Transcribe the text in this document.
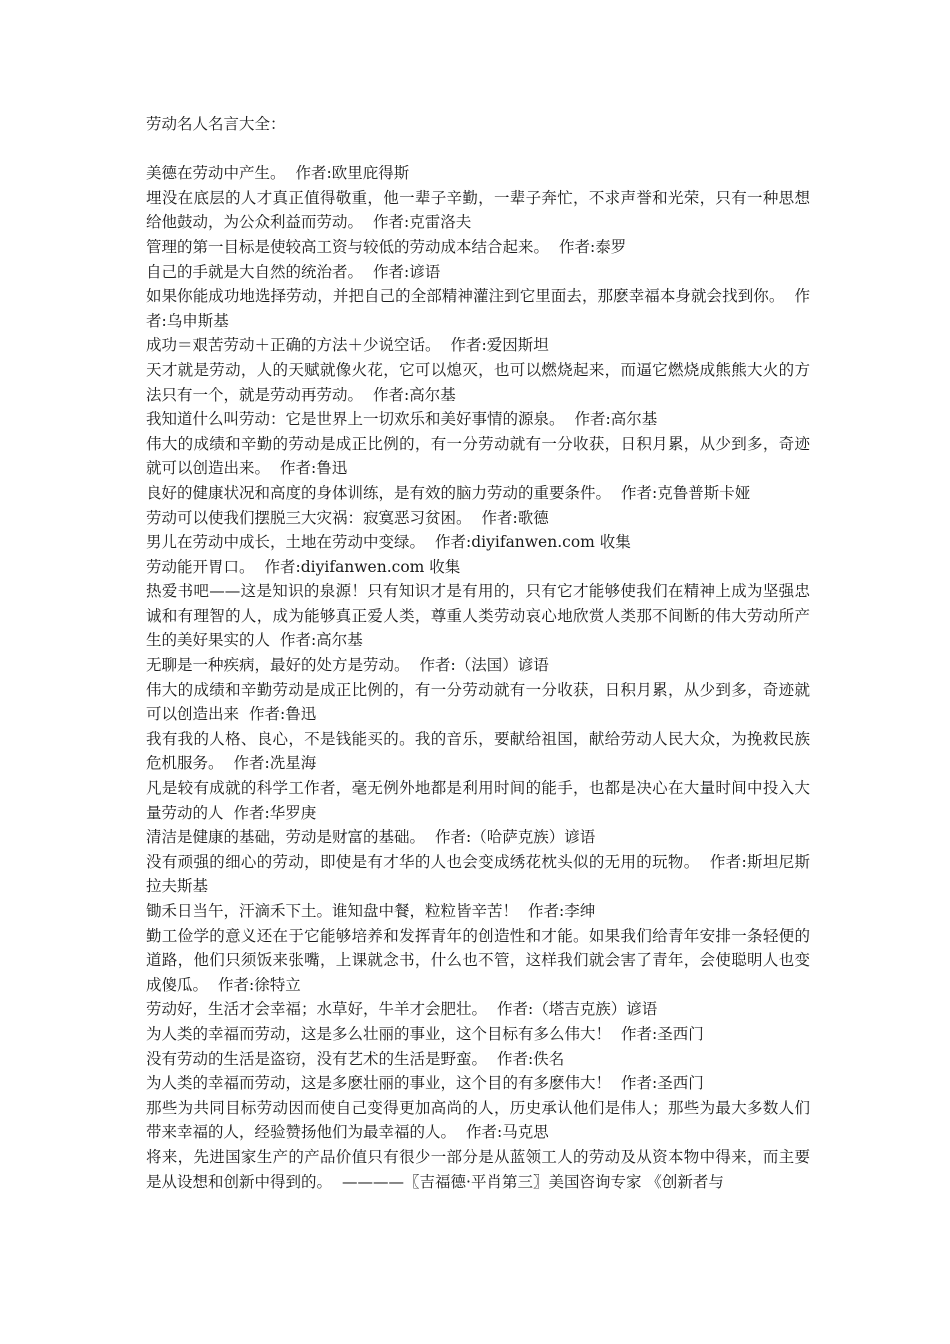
劳动名人名言大全：

美德在劳动中产生。 作者:欧里庇得斯

埋没在底层的人才真正值得敬重，他一辈子辛勤，一辈子奔忙，不求声誉和光荣，只有一种思想给他鼓动，为公众利益而劳动。 作者:克雷洛夫

管理的第一目标是使较高工资与较低的劳动成本结合起来。 作者:泰罗

自己的手就是大自然的统治者。 作者:谚语

如果你能成功地选择劳动，并把自己的全部精神灌注到它里面去，那麽幸福本身就会找到你。 作者:乌申斯基

成功＝艰苦劳动＋正确的方法＋少说空话。 作者:爱因斯坦

天才就是劳动，人的天赋就像火花，它可以熄灭，也可以燃烧起来，而逼它燃烧成熊熊大火的方法只有一个，就是劳动再劳动。 作者:高尔基

我知道什么叫劳动：它是世界上一切欢乐和美好事情的源泉。 作者:高尔基

伟大的成绩和辛勤的劳动是成正比例的，有一分劳动就有一分收获，日积月累，从少到多，奇迹就可以创造出来。 作者:鲁迅

良好的健康状况和高度的身体训练，是有效的脑力劳动的重要条件。 作者:克鲁普斯卡娅

劳动可以使我们摆脱三大灾祸：寂寞恶习贫困。 作者:歌德

男儿在劳动中成长，土地在劳动中变绿。 作者:diyifanwen.com 收集

劳动能开胃口。 作者:diyifanwen.com 收集

热爱书吧——这是知识的泉源！只有知识才是有用的，只有它才能够使我们在精神上成为坚强忠诚和有理智的人，成为能够真正爱人类，尊重人类劳动哀心地欣赏人类那不间断的伟大劳动所产生的美好果实的人 作者:高尔基

无聊是一种疾病，最好的处方是劳动。 作者:（法国）谚语

伟大的成绩和辛勤劳动是成正比例的，有一分劳动就有一分收获，日积月累，从少到多，奇迹就可以创造出来 作者:鲁迅

我有我的人格、良心，不是钱能买的。我的音乐，要献给祖国，献给劳动人民大众，为挽救民族危机服务。 作者:冼星海

凡是较有成就的科学工作者，毫无例外地都是利用时间的能手，也都是决心在大量时间中投入大量劳动的人 作者:华罗庚

清洁是健康的基础，劳动是财富的基础。 作者:（哈萨克族）谚语

没有顽强的细心的劳动，即使是有才华的人也会变成绣花枕头似的无用的玩物。 作者:斯坦尼斯拉夫斯基

锄禾日当午，汗滴禾下土。谁知盘中餐，粒粒皆辛苦！ 作者:李绅

勤工俭学的意义还在于它能够培养和发挥青年的创造性和才能。如果我们给青年安排一条轻便的道路，他们只须饭来张嘴，上课就念书，什么也不管，这样我们就会害了青年，会使聪明人也变成傻瓜。 作者:徐特立

劳动好，生活才会幸福；水草好，牛羊才会肥壮。 作者:（塔吉克族）谚语

为人类的幸福而劳动，这是多么壮丽的事业，这个目标有多么伟大！ 作者:圣西门

没有劳动的生活是盗窃，没有艺术的生活是野蛮。 作者:佚名

为人类的幸福而劳动，这是多麽壮丽的事业，这个目的有多麽伟大！ 作者:圣西门

那些为共同目标劳动因而使自己变得更加高尚的人，历史承认他们是伟人；那些为最大多数人们带来幸福的人，经验赞扬他们为最幸福的人。 作者:马克思

将来，先进国家生产的产品价值只有很少一部分是从蓝领工人的劳动及从资本物中得来，而主要是从设想和创新中得到的。 ————〖吉福德·平肖第三〗美国咨询专家 《创新者与
